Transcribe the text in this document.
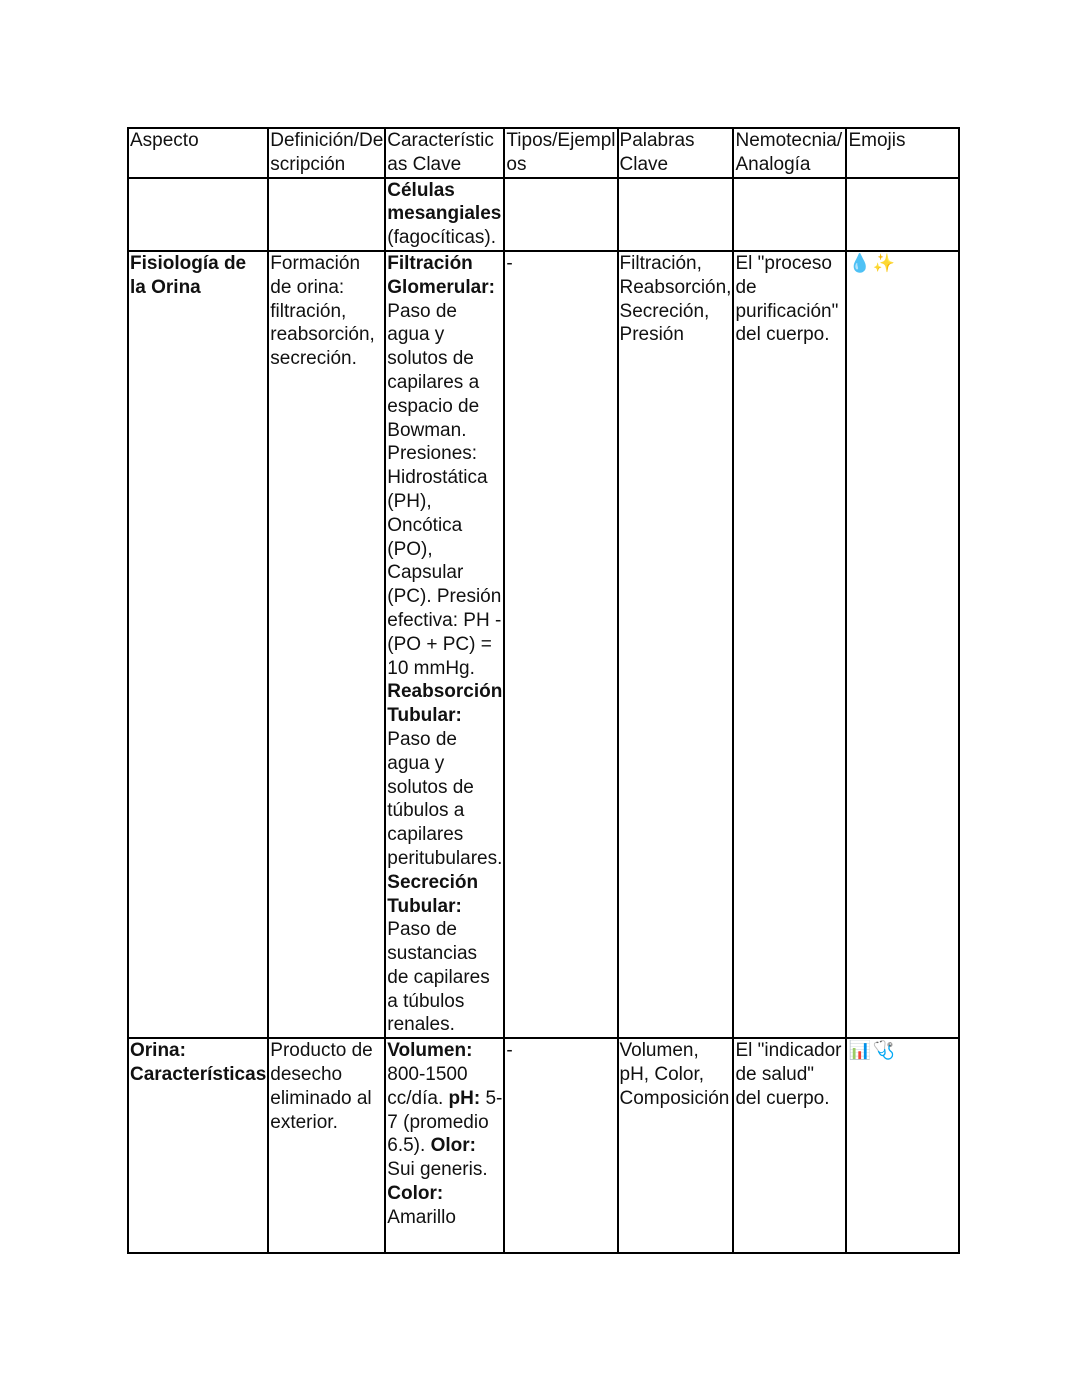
Aspecto	Definición/De scripción	Característic as Clave	Tipos/Ejempl os	Palabras Clave	Nemotecnia/ Analogía	Emojis
		Células mesangiales (fagocíticas).				
Fisiología de la Orina	Formación de orina: filtración, reabsorción, secreción.	Filtración Glomerular: Paso de agua y solutos de capilares a espacio de Bowman. Presiones: Hidrostática (PH), Oncótica (PO), Capsular (PC). Presión efectiva: PH - (PO + PC) = 10 mmHg. Reabsorción Tubular: Paso de agua y solutos de túbulos a capilares peritubulares. Secreción Tubular: Paso de sustancias de capilares a túbulos renales.	-	Filtración, Reabsorción, Secreción, Presión	El "proceso de purificación" del cuerpo.	💧 ✨
Orina: Características	Producto de desecho eliminado al exterior.	Volumen: 800-1500 cc/día. pH: 5-7 (promedio 6.5). Olor: Sui generis. Color: Amarillo	-	Volumen, pH, Color, Composición	El "indicador de salud" del cuerpo.	📊 🩺
